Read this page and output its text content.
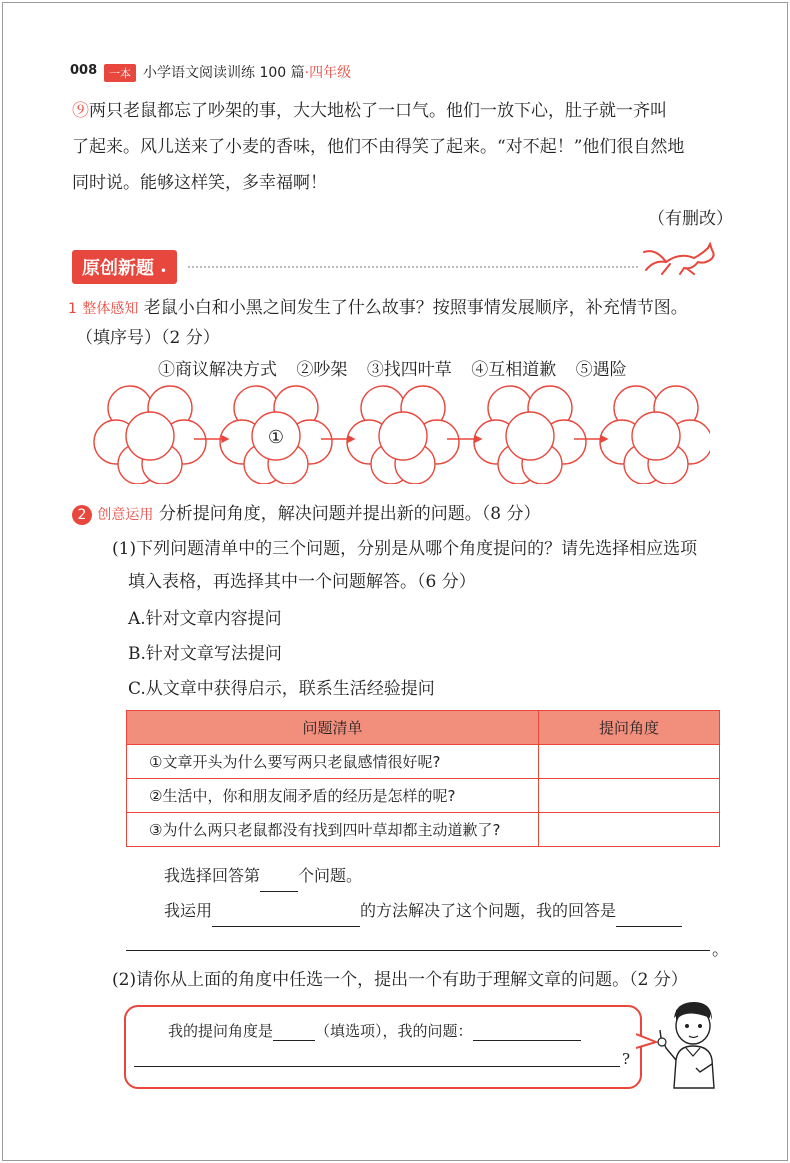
008	一本 小学语文阅读训练 100 篇·四年级
⑨两只老鼠都忘了吵架的事，大大地松了一口气。他们一放下心，肚子就一齐叫
了起来。风儿送来了小麦的香味，他们不由得笑了起来。“对不起！”他们很自然地
同时说。能够这样笑，多幸福啊！
（有删改）
原创新题 •
1 整体感知 老鼠小白和小黑之间发生了什么故事？按照事情发展顺序，补充情节图。
（填序号）（2 分）
①商议解决方式 ②吵架 ③找四叶草 ④互相道歉 ⑤遇险
①
2 创意运用 分析提问角度，解决问题并提出新的问题。（8 分）
(1)下列问题清单中的三个问题，分别是从哪个角度提问的？请先选择相应选项
填入表格，再选择其中一个问题解答。（6 分）
A.针对文章内容提问
B.针对文章写法提问
C.从文章中获得启示，联系生活经验提问
问题清单	提问角度
①文章开头为什么要写两只老鼠感情很好呢?	
②生活中，你和朋友闹矛盾的经历是怎样的呢?	
③为什么两只老鼠都没有找到四叶草却都主动道歉了?	
我选择回答第 个问题。
我运用	的方法解决了这个问题，我的回答是
。
(2)请你从上面的角度中任选一个，提出一个有助于理解文章的问题。（2 分）
我的提问角度是	（填选项），我的问题：
?
